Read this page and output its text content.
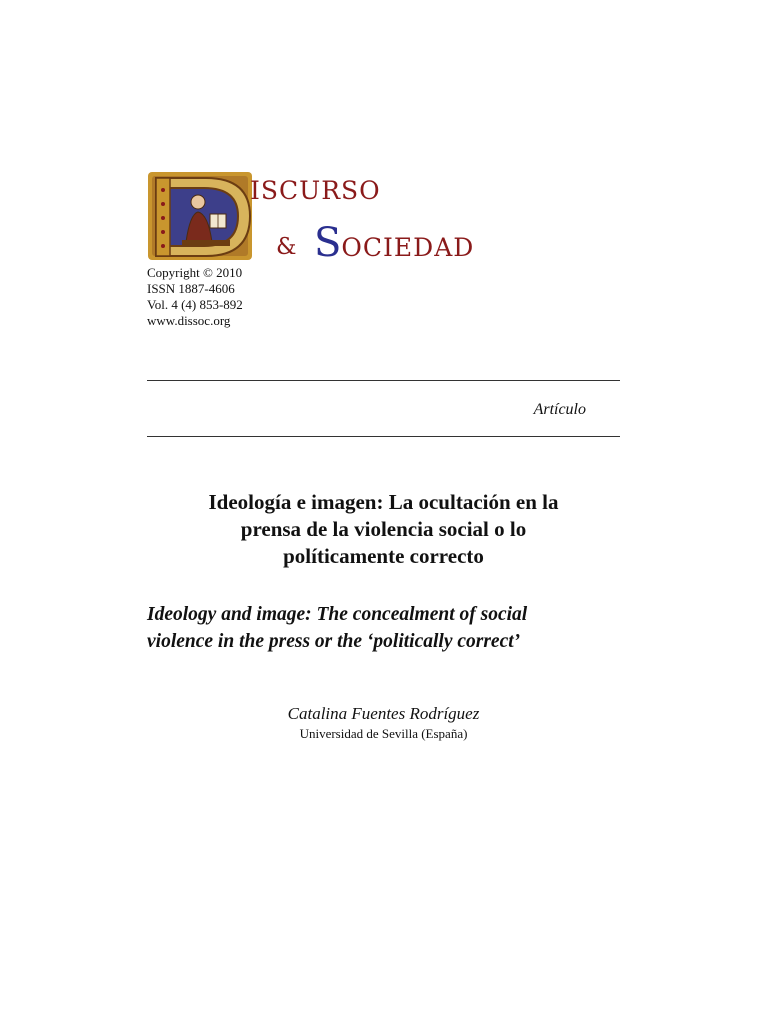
ISCURSO
& SOCIEDAD
Copyright © 2010
ISSN 1887-4606
Vol. 4 (4) 853-892
www.dissoc.org
Artículo
Ideología e imagen: La ocultación en la
prensa de la violencia social o lo
políticamente correcto
Ideology and image: The concealment of social
violence in the press or the ‘politically correct’
Catalina Fuentes Rodríguez
Universidad de Sevilla (España)
